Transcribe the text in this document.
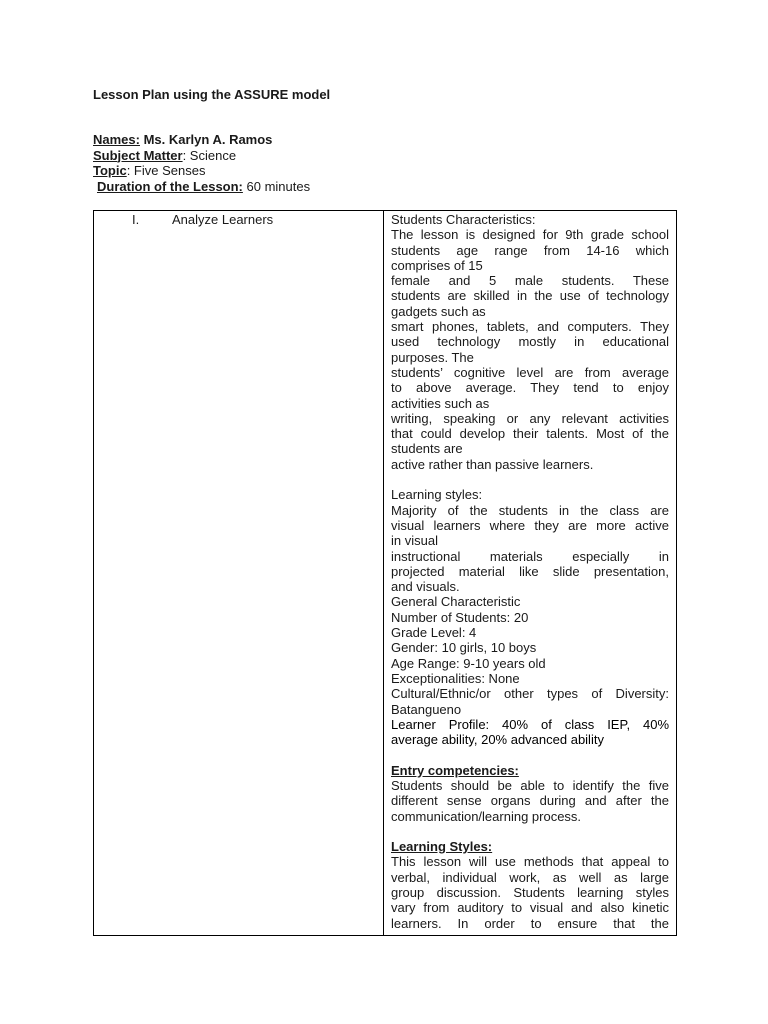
Lesson Plan using the ASSURE model

Names: Ms. Karlyn A. Ramos
Subject Matter: Science
Topic: Five Senses
Duration of the Lesson: 60 minutes
I.	Analyze Learners	Students Characteristics:

The lesson is designed for 9th grade school

students age range from 14-16 which

comprises of 15

female and 5 male students. These

students are skilled in the use of technology

gadgets such as

smart phones, tablets, and computers. They

used technology mostly in educational

purposes. The

students’ cognitive level are from average

to above average. They tend to enjoy

activities such as

writing, speaking or any relevant activities

that could develop their talents. Most of the

students are

active rather than passive learners.

Learning styles:

Majority of the students in the class are

visual learners where they are more active

in visual

instructional materials especially in

projected material like slide presentation,

and visuals.

General Characteristic

Number of Students: 20

Grade Level: 4

Gender: 10 girls, 10 boys

Age Range: 9-10 years old

Exceptionalities: None

Cultural/Ethnic/or other types of Diversity:

Batangueno

Learner Profile: 40% of class IEP, 40%

average ability, 20% advanced ability

Entry competencies:

Students should be able to identify the five

different sense organs during and after the

communication/learning process.

Learning Styles:

This lesson will use methods that appeal to

verbal, individual work, as well as large

group discussion. Students learning styles

vary from auditory to visual and also kinetic

learners. In order to ensure that the
